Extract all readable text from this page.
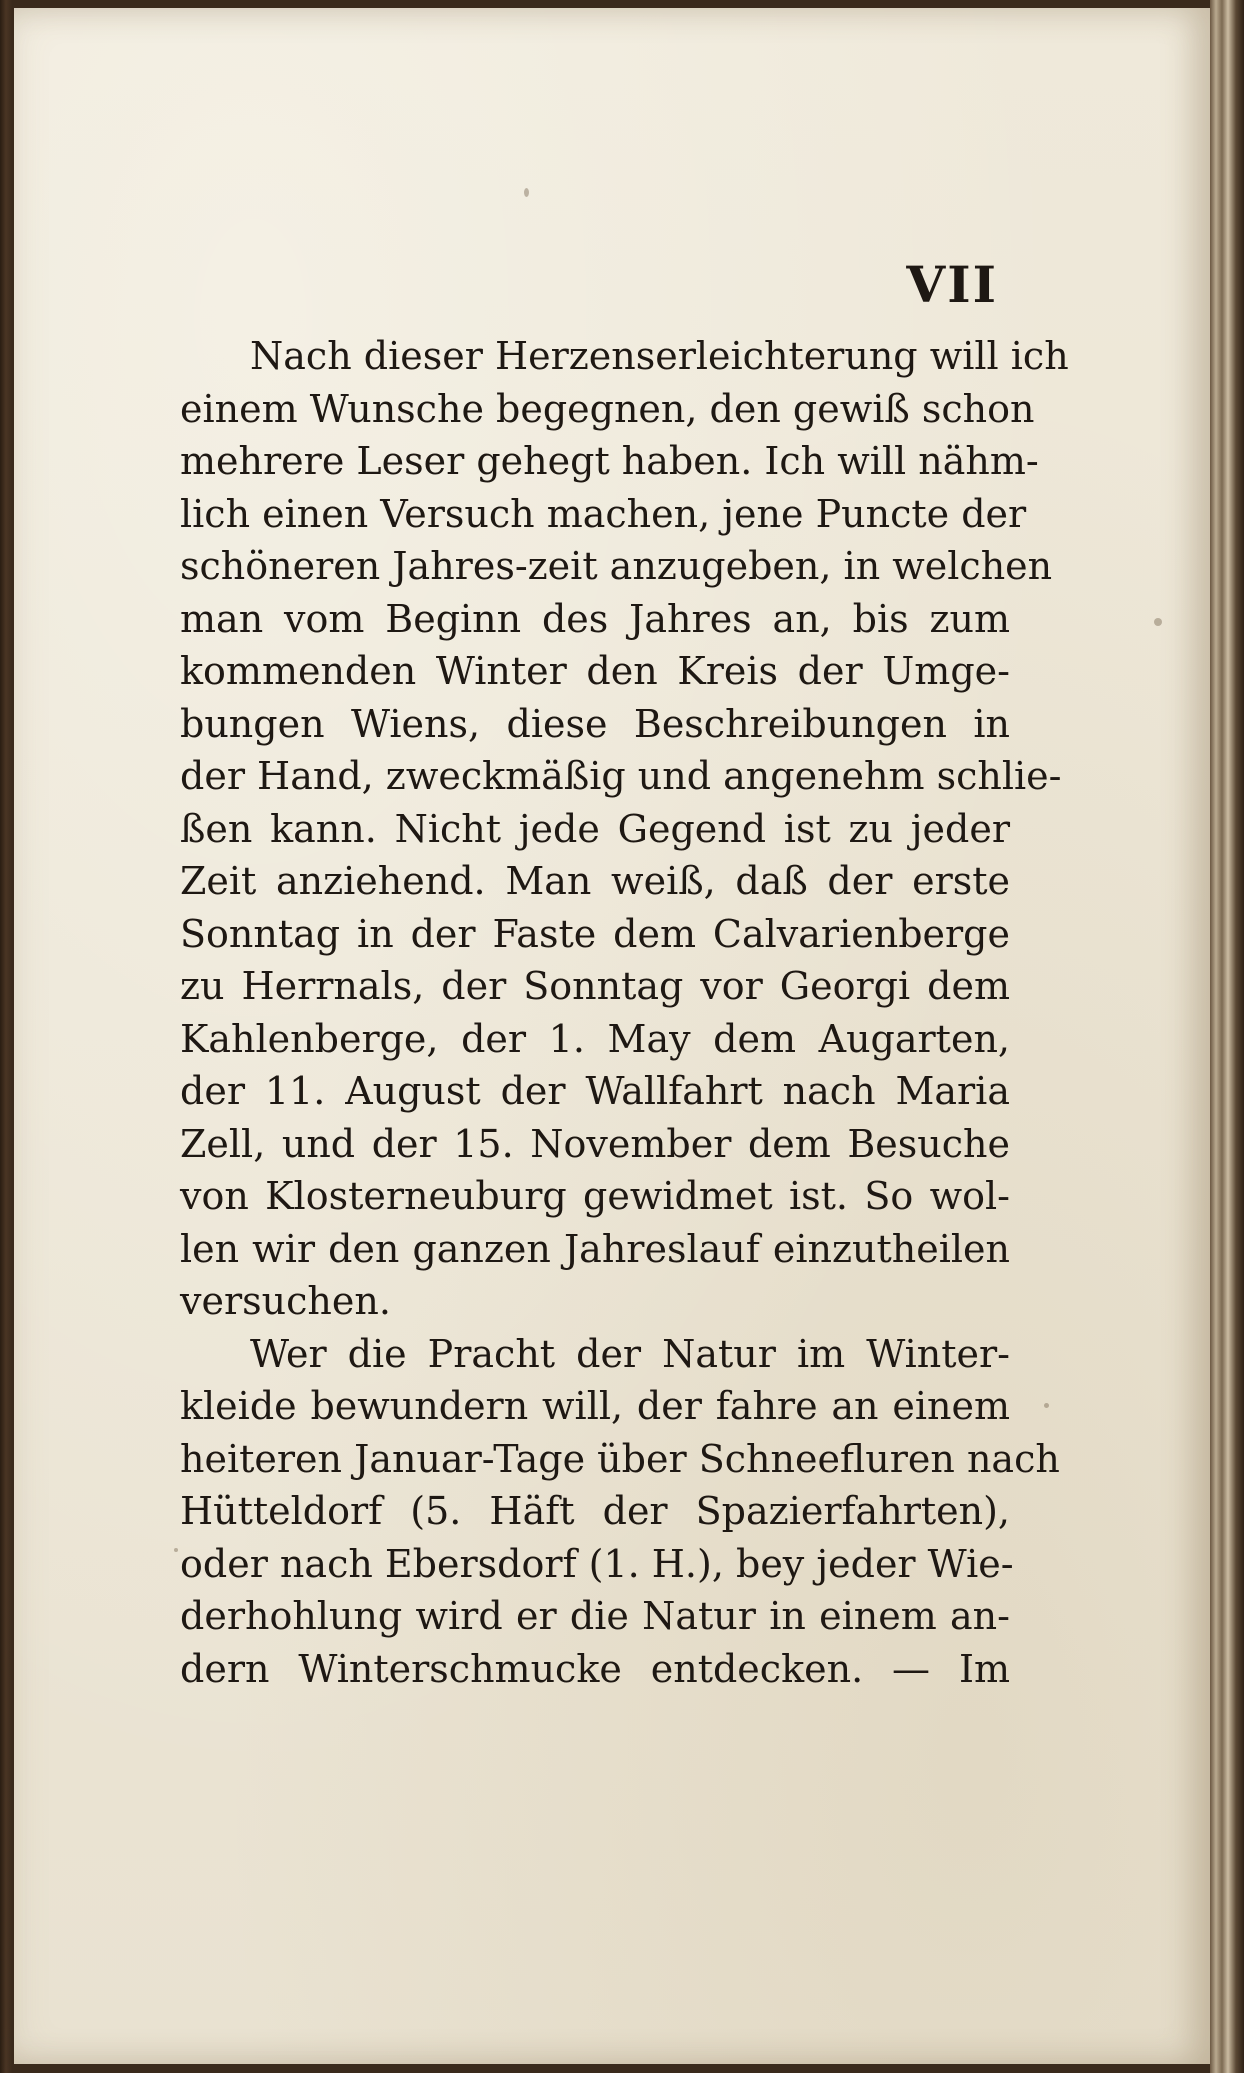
VII

Nach dieser Herzenserleichterung will ich
einem Wunsche begegnen, den gewiß schon
mehrere Leser gehegt haben. Ich will nähm-
lich einen Versuch machen, jene Puncte der
schöneren Jahres-zeit anzugeben, in welchen
man vom Beginn des Jahres an, bis zum
kommenden Winter den Kreis der Umge-
bungen Wiens, diese Beschreibungen in
der Hand, zweckmäßig und angenehm schlie-
ßen kann. Nicht jede Gegend ist zu jeder
Zeit anziehend. Man weiß, daß der erste
Sonntag in der Faste dem Calvarienberge
zu Herrnals, der Sonntag vor Georgi dem
Kahlenberge, der 1. May dem Augarten,
der 11. August der Wallfahrt nach Maria
Zell, und der 15. November dem Besuche
von Klosterneuburg gewidmet ist. So wol-
len wir den ganzen Jahreslauf einzutheilen
versuchen.

Wer die Pracht der Natur im Winter-
kleide bewundern will, der fahre an einem
heiteren Januar-Tage über Schneefluren nach
Hütteldorf (5. Häft der Spazierfahrten),
oder nach Ebersdorf (1. H.), bey jeder Wie-
derhohlung wird er die Natur in einem an-
dern Winterschmucke entdecken. — Im
